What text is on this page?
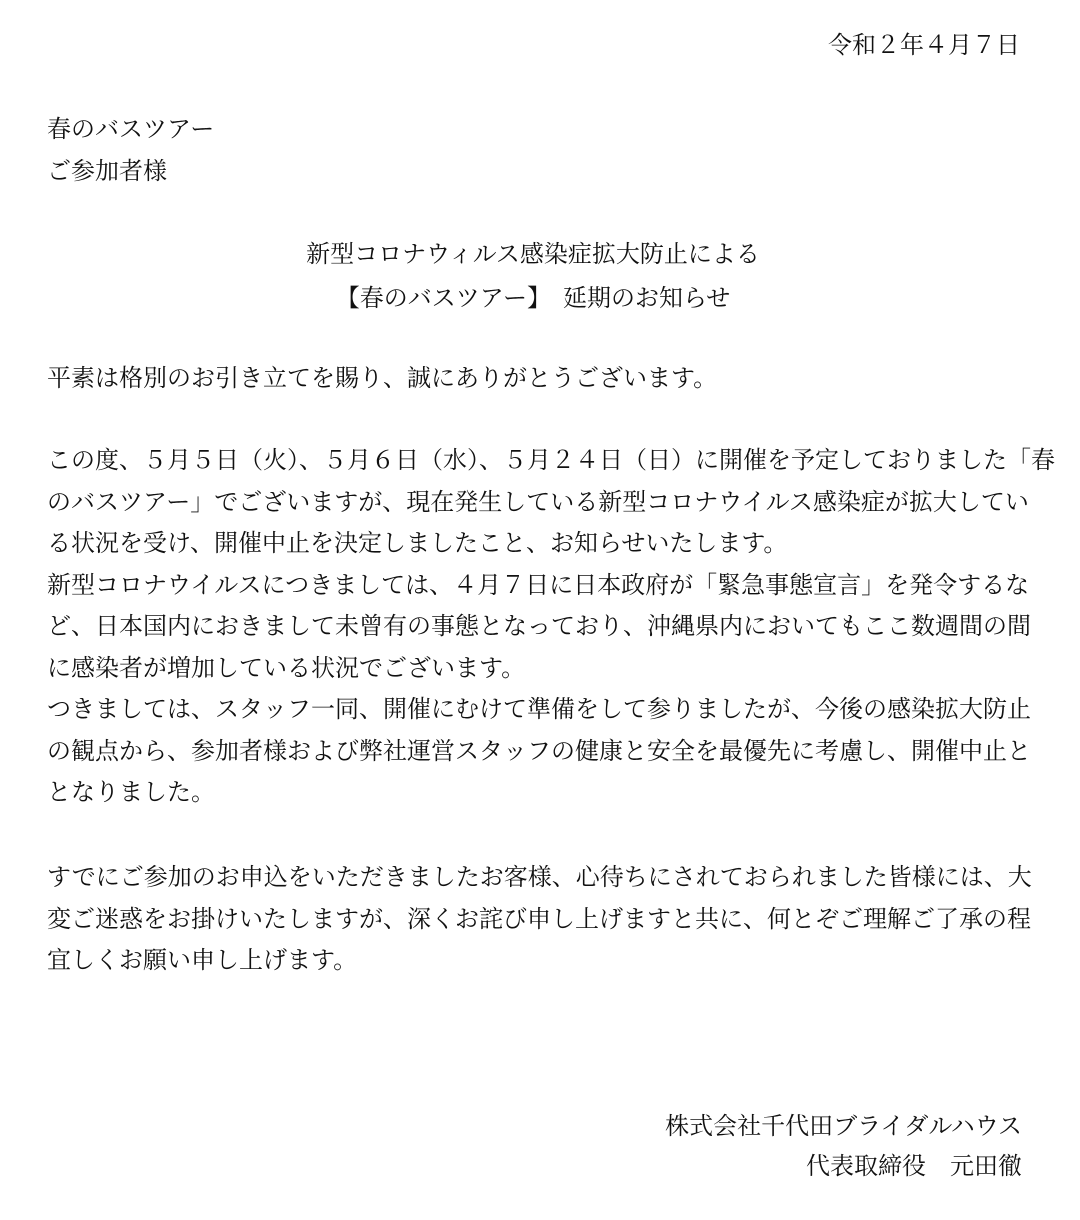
令和２年４月７日
春のバスツアー
ご参加者様
新型コロナウィルス感染症拡大防止による
【春のバスツアー】　延期のお知らせ
平素は格別のお引き立てを賜り、誠にありがとうございます。

この度、５月５日（火）、５月６日（水）、５月２４日（日）に開催を予定しておりました「春
のバスツアー」でございますが、現在発生している新型コロナウイルス感染症が拡大してい
る状況を受け、開催中止を決定しましたこと、お知らせいたします。

新型コロナウイルスにつきましては、４月７日に日本政府が「緊急事態宣言」を発令するな
ど、日本国内におきまして未曾有の事態となっており、沖縄県内においてもここ数週間の間
に感染者が増加している状況でございます。

つきましては、スタッフ一同、開催にむけて準備をして参りましたが、今後の感染拡大防止
の観点から、参加者様および弊社運営スタッフの健康と安全を最優先に考慮し、開催中止と
となりました。

すでにご参加のお申込をいただきましたお客様、心待ちにされておられました皆様には、大
変ご迷惑をお掛けいたしますが、深くお詫び申し上げますと共に、何とぞご理解ご了承の程
宜しくお願い申し上げます。

株式会社千代田ブライダルハウス
代表取締役　元田徹
